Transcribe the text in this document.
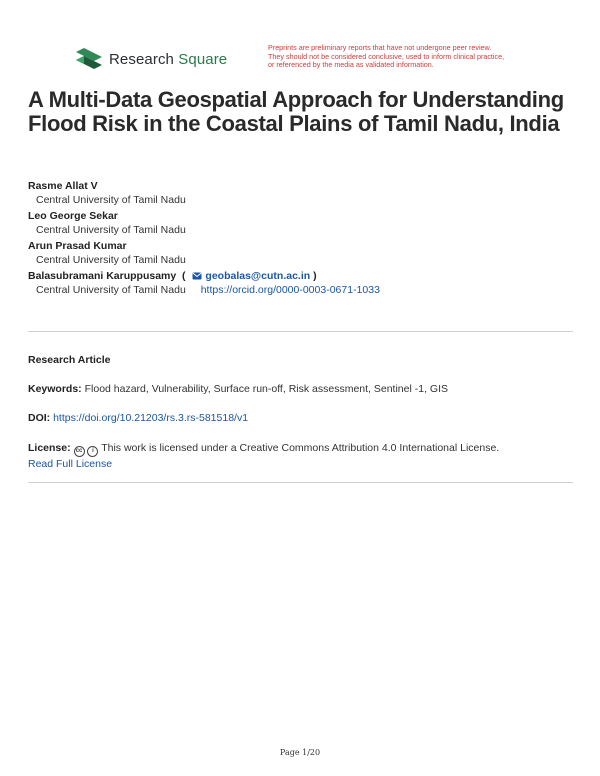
Research Square
Preprints are preliminary reports that have not undergone peer review.
They should not be considered conclusive, used to inform clinical practice,
or referenced by the media as validated information.
A Multi-Data Geospatial Approach for Understanding Flood Risk in the Coastal Plains of Tamil Nadu, India
Rasme Allat V
Central University of Tamil Nadu
Leo George Sekar
Central University of Tamil Nadu
Arun Prasad Kumar
Central University of Tamil Nadu
Balasubramani Karuppusamy  ( geobalas@cutn.ac.in )
Central University of Tamil Nadu https://orcid.org/0000-0003-0671-1033
Research Article
Keywords: Flood hazard, Vulnerability, Surface run-off, Risk assessment, Sentinel -1, GIS
DOI: https://doi.org/10.21203/rs.3.rs-581518/v1
License: cc i This work is licensed under a Creative Commons Attribution 4.0 International License.
Read Full License
Page 1/20
